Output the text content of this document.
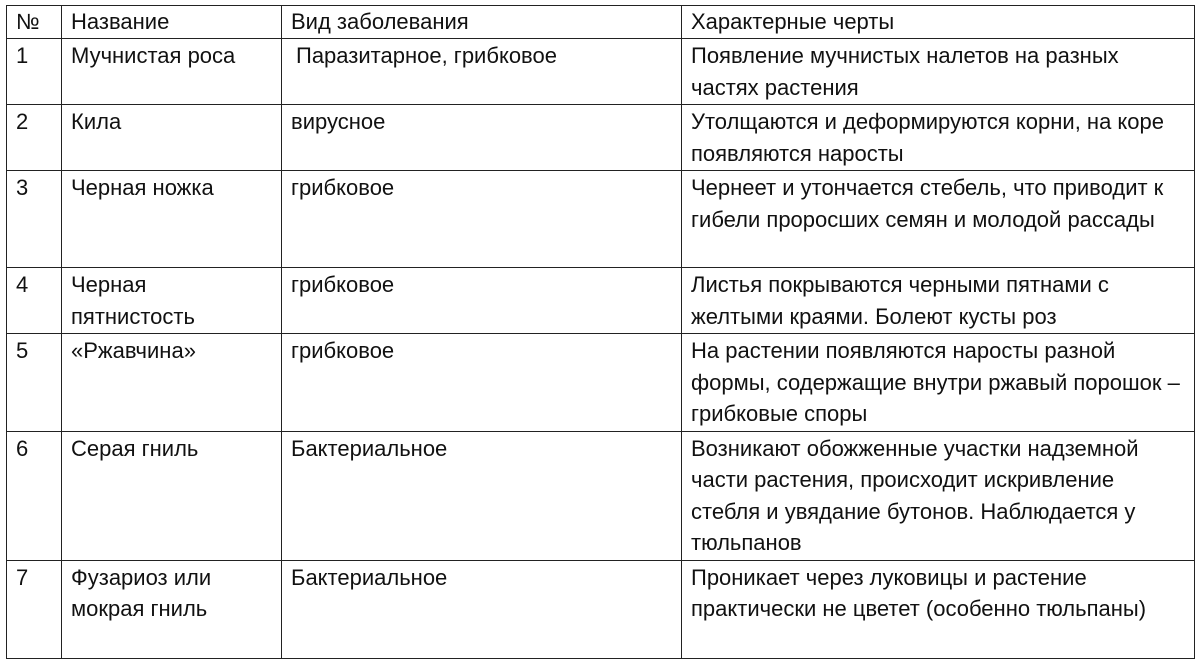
№	Название	Вид заболевания	Характерные черты
1	Мучнистая роса	Паразитарное, грибковое	Появление мучнистых налетов на разных частях растения
2	Кила	вирусное	Утолщаются и деформируются корни, на коре появляются наросты
3	Черная ножка	грибковое	Чернеет и утончается стебель, что приводит к гибели проросших семян и молодой рассады
4	Черная пятнистость	грибковое	Листья покрываются черными пятнами с желтыми краями. Болеют кусты роз
5	«Ржавчина»	грибковое	На растении появляются наросты разной формы, содержащие внутри ржавый порошок – грибковые споры
6	Серая гниль	Бактериальное	Возникают обожженные участки надземной части растения, происходит искривление стебля и увядание бутонов. Наблюдается у тюльпанов
7	Фузариоз или мокрая гниль	Бактериальное	Проникает через луковицы и растение практически не цветет (особенно тюльпаны)
